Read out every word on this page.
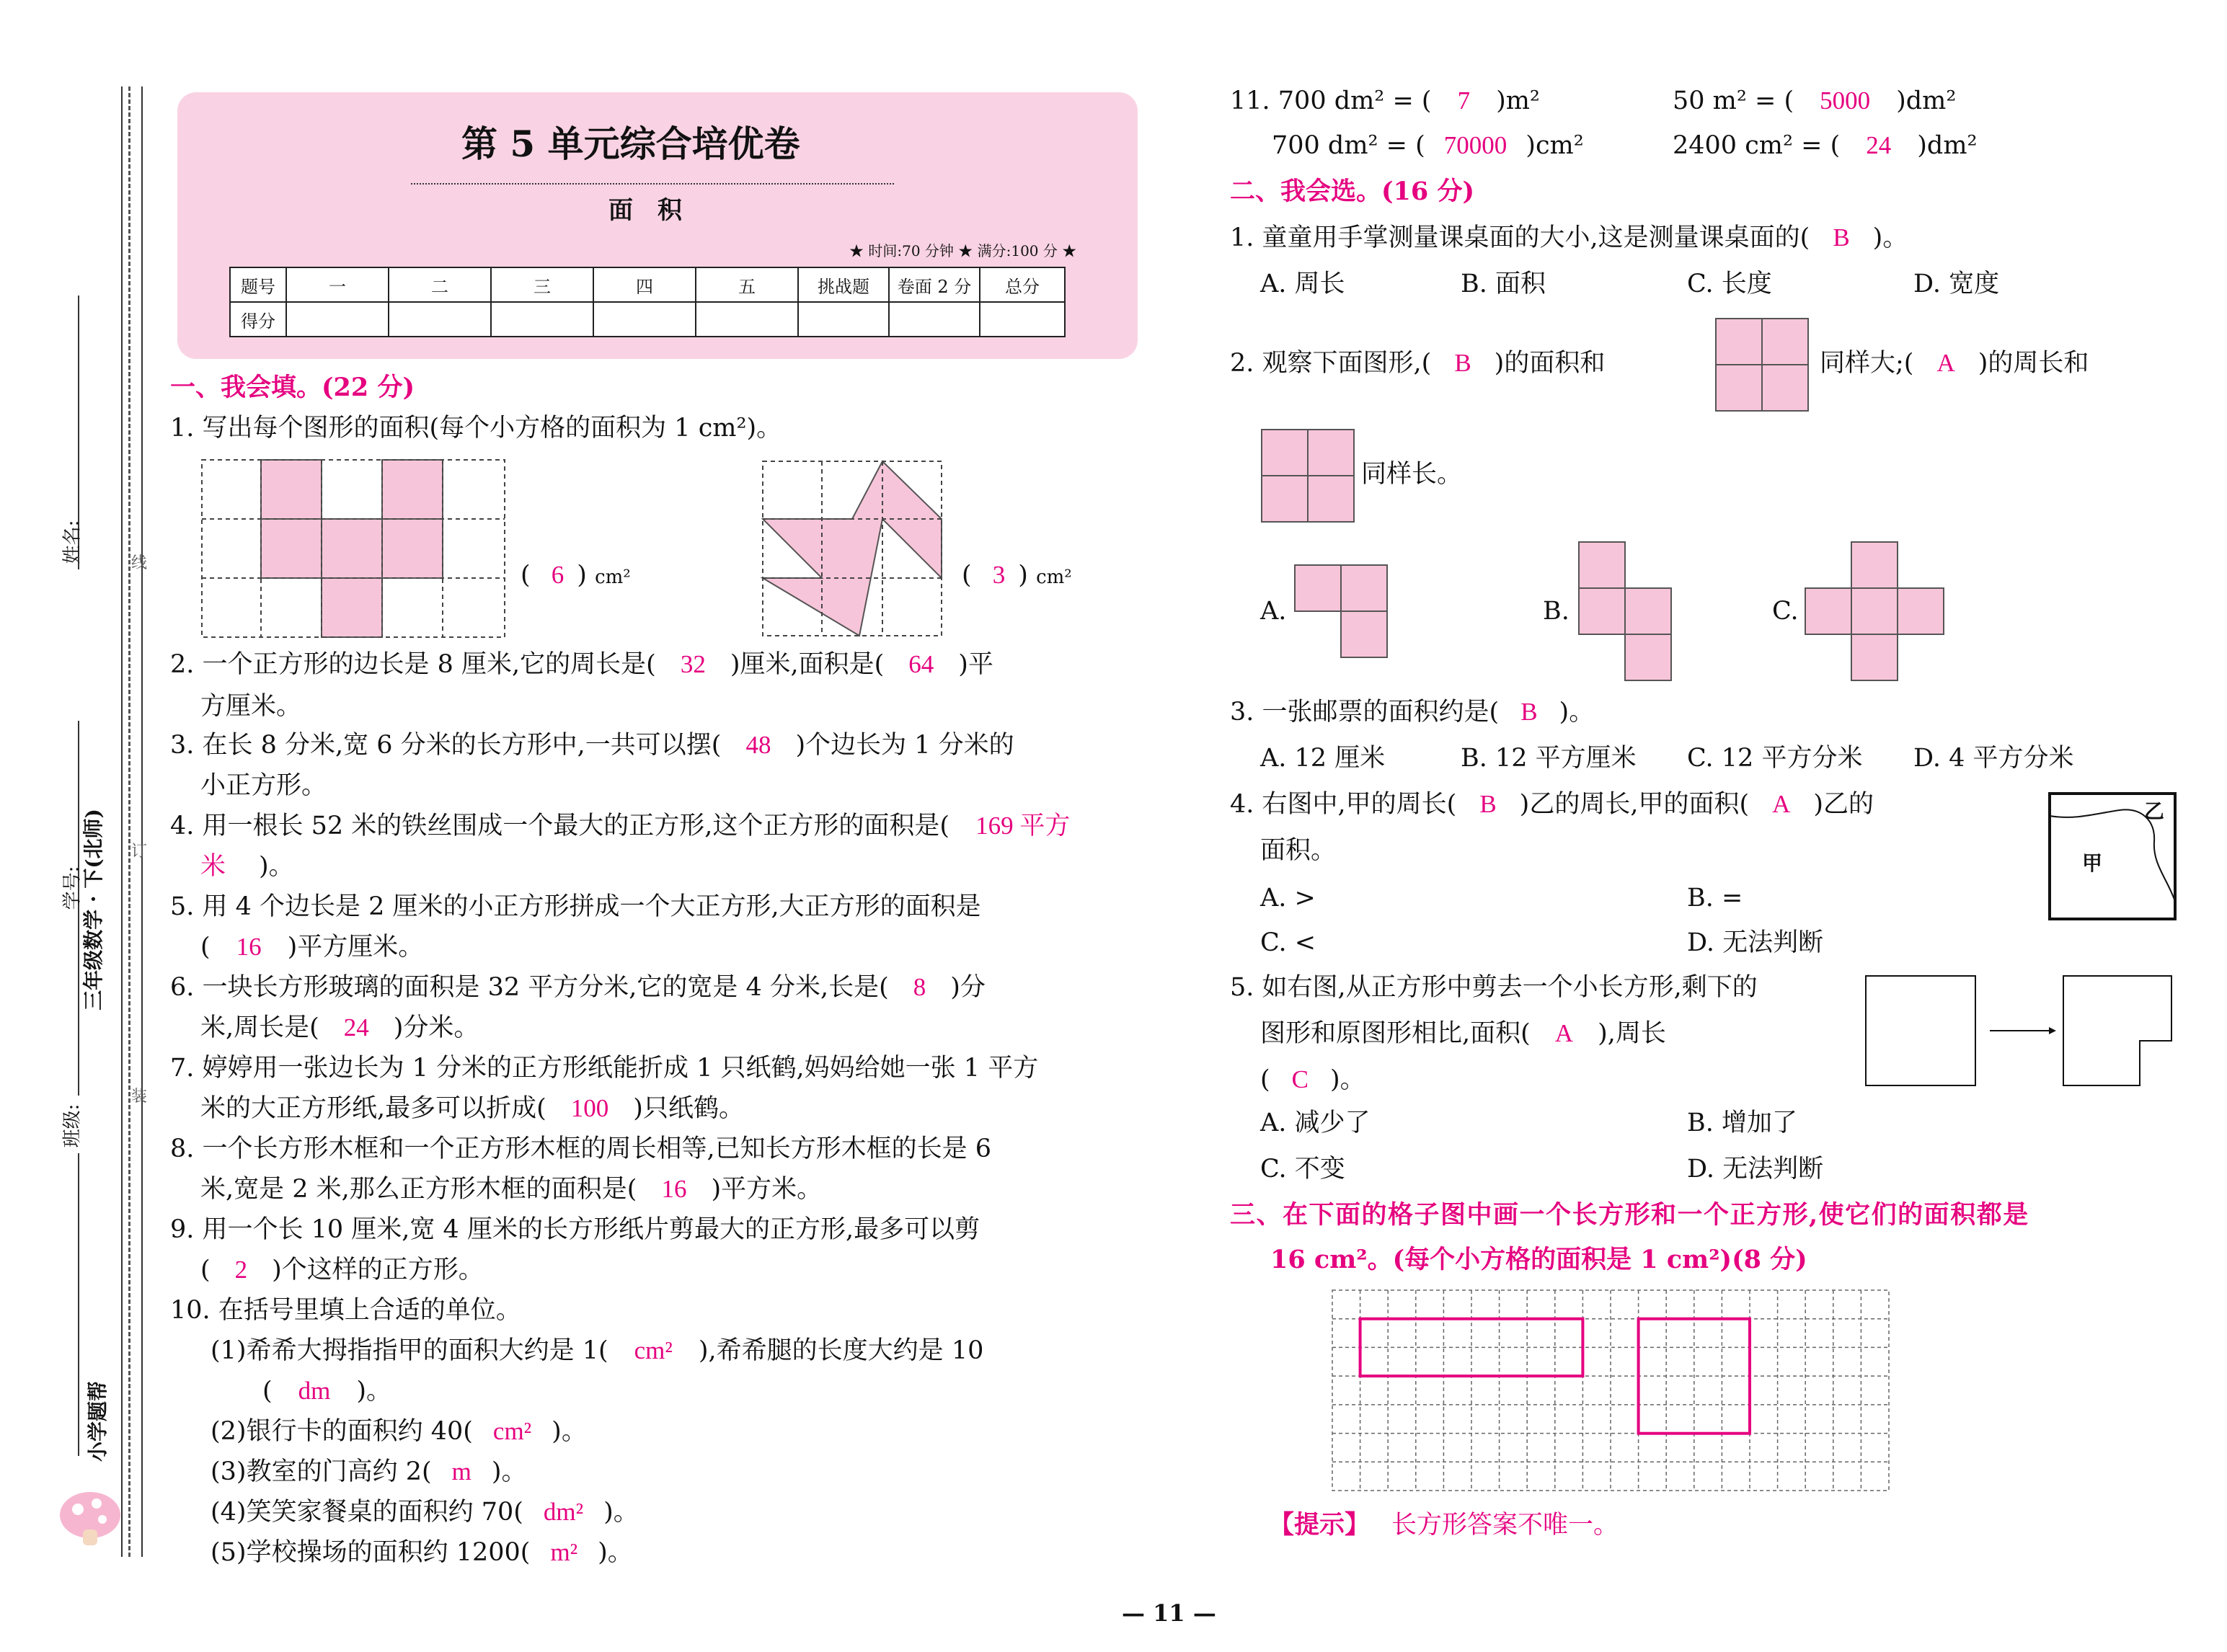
姓名:
学号:
三年级数学 · 下(北师)
班级:
小学题帮
线
订
装
第 5 单元综合培优卷
面　积
★ 时间:70 分钟 ★ 满分:100 分 ★
题号	一	二	三	四	五	挑战题	卷面 2 分	总分
得分								
一、我会填。(22 分)
1. 写出每个图形的面积(每个小方格的面积为 1 cm²)。
( 6 ) cm²	( 3 ) cm²
2. 一个正方形的边长是 8 厘米,它的周长是( 32 )厘米,面积是( 64 )平
方厘米。
3. 在长 8 分米,宽 6 分米的长方形中,一共可以摆( 48 )个边长为 1 分米的
小正方形。
4. 用一根长 52 米的铁丝围成一个最大的正方形,这个正方形的面积是( 169 平方
米 )。
5. 用 4 个边长是 2 厘米的小正方形拼成一个大正方形,大正方形的面积是
( 16 )平方厘米。
6. 一块长方形玻璃的面积是 32 平方分米,它的宽是 4 分米,长是( 8 )分
米,周长是( 24 )分米。
7. 婷婷用一张边长为 1 分米的正方形纸能折成 1 只纸鹤,妈妈给她一张 1 平方
米的大正方形纸,最多可以折成( 100 )只纸鹤。
8. 一个长方形木框和一个正方形木框的周长相等,已知长方形木框的长是 6
米,宽是 2 米,那么正方形木框的面积是( 16 )平方米。
9. 用一个长 10 厘米,宽 4 厘米的长方形纸片剪最大的正方形,最多可以剪
( 2 )个这样的正方形。
10. 在括号里填上合适的单位。
(1)希希大拇指指甲的面积大约是 1( cm² ),希希腿的长度大约是 10
( dm )。
(2)银行卡的面积约 40( cm² )。
(3)教室的门高约 2( m )。
(4)笑笑家餐桌的面积约 70( dm² )。
(5)学校操场的面积约 1200( m² )。
11. 700 dm² = ( 7 )m²	50 m² = ( 5000 )dm²
700 dm² = ( 70000 )cm²	2400 cm² = ( 24 )dm²
二、我会选。(16 分)
1. 童童用手掌测量课桌面的大小,这是测量课桌面的( B )。
A. 周长	B. 面积	C. 长度	D. 宽度
2. 观察下面图形,( B )的面积和	同样大;( A )的周长和
同样长。
A.	B.	C.
3. 一张邮票的面积约是( B )。
A. 12 厘米	B. 12 平方厘米 C. 12 平方分米 D. 4 平方分米
4. 右图中,甲的周长( B )乙的周长,甲的面积( A )乙的
面积。
乙
甲
A. >	B. =
C. <	D. 无法判断
5. 如右图,从正方形中剪去一个小长方形,剩下的
图形和原图形相比,面积( A ),周长
( C )。
A. 减少了	B. 增加了
C. 不变	D. 无法判断
三、在下面的格子图中画一个长方形和一个正方形,使它们的面积都是
16 cm²。(每个小方格的面积是 1 cm²)(8 分)
【提示】 长方形答案不唯一。
— 11 —
